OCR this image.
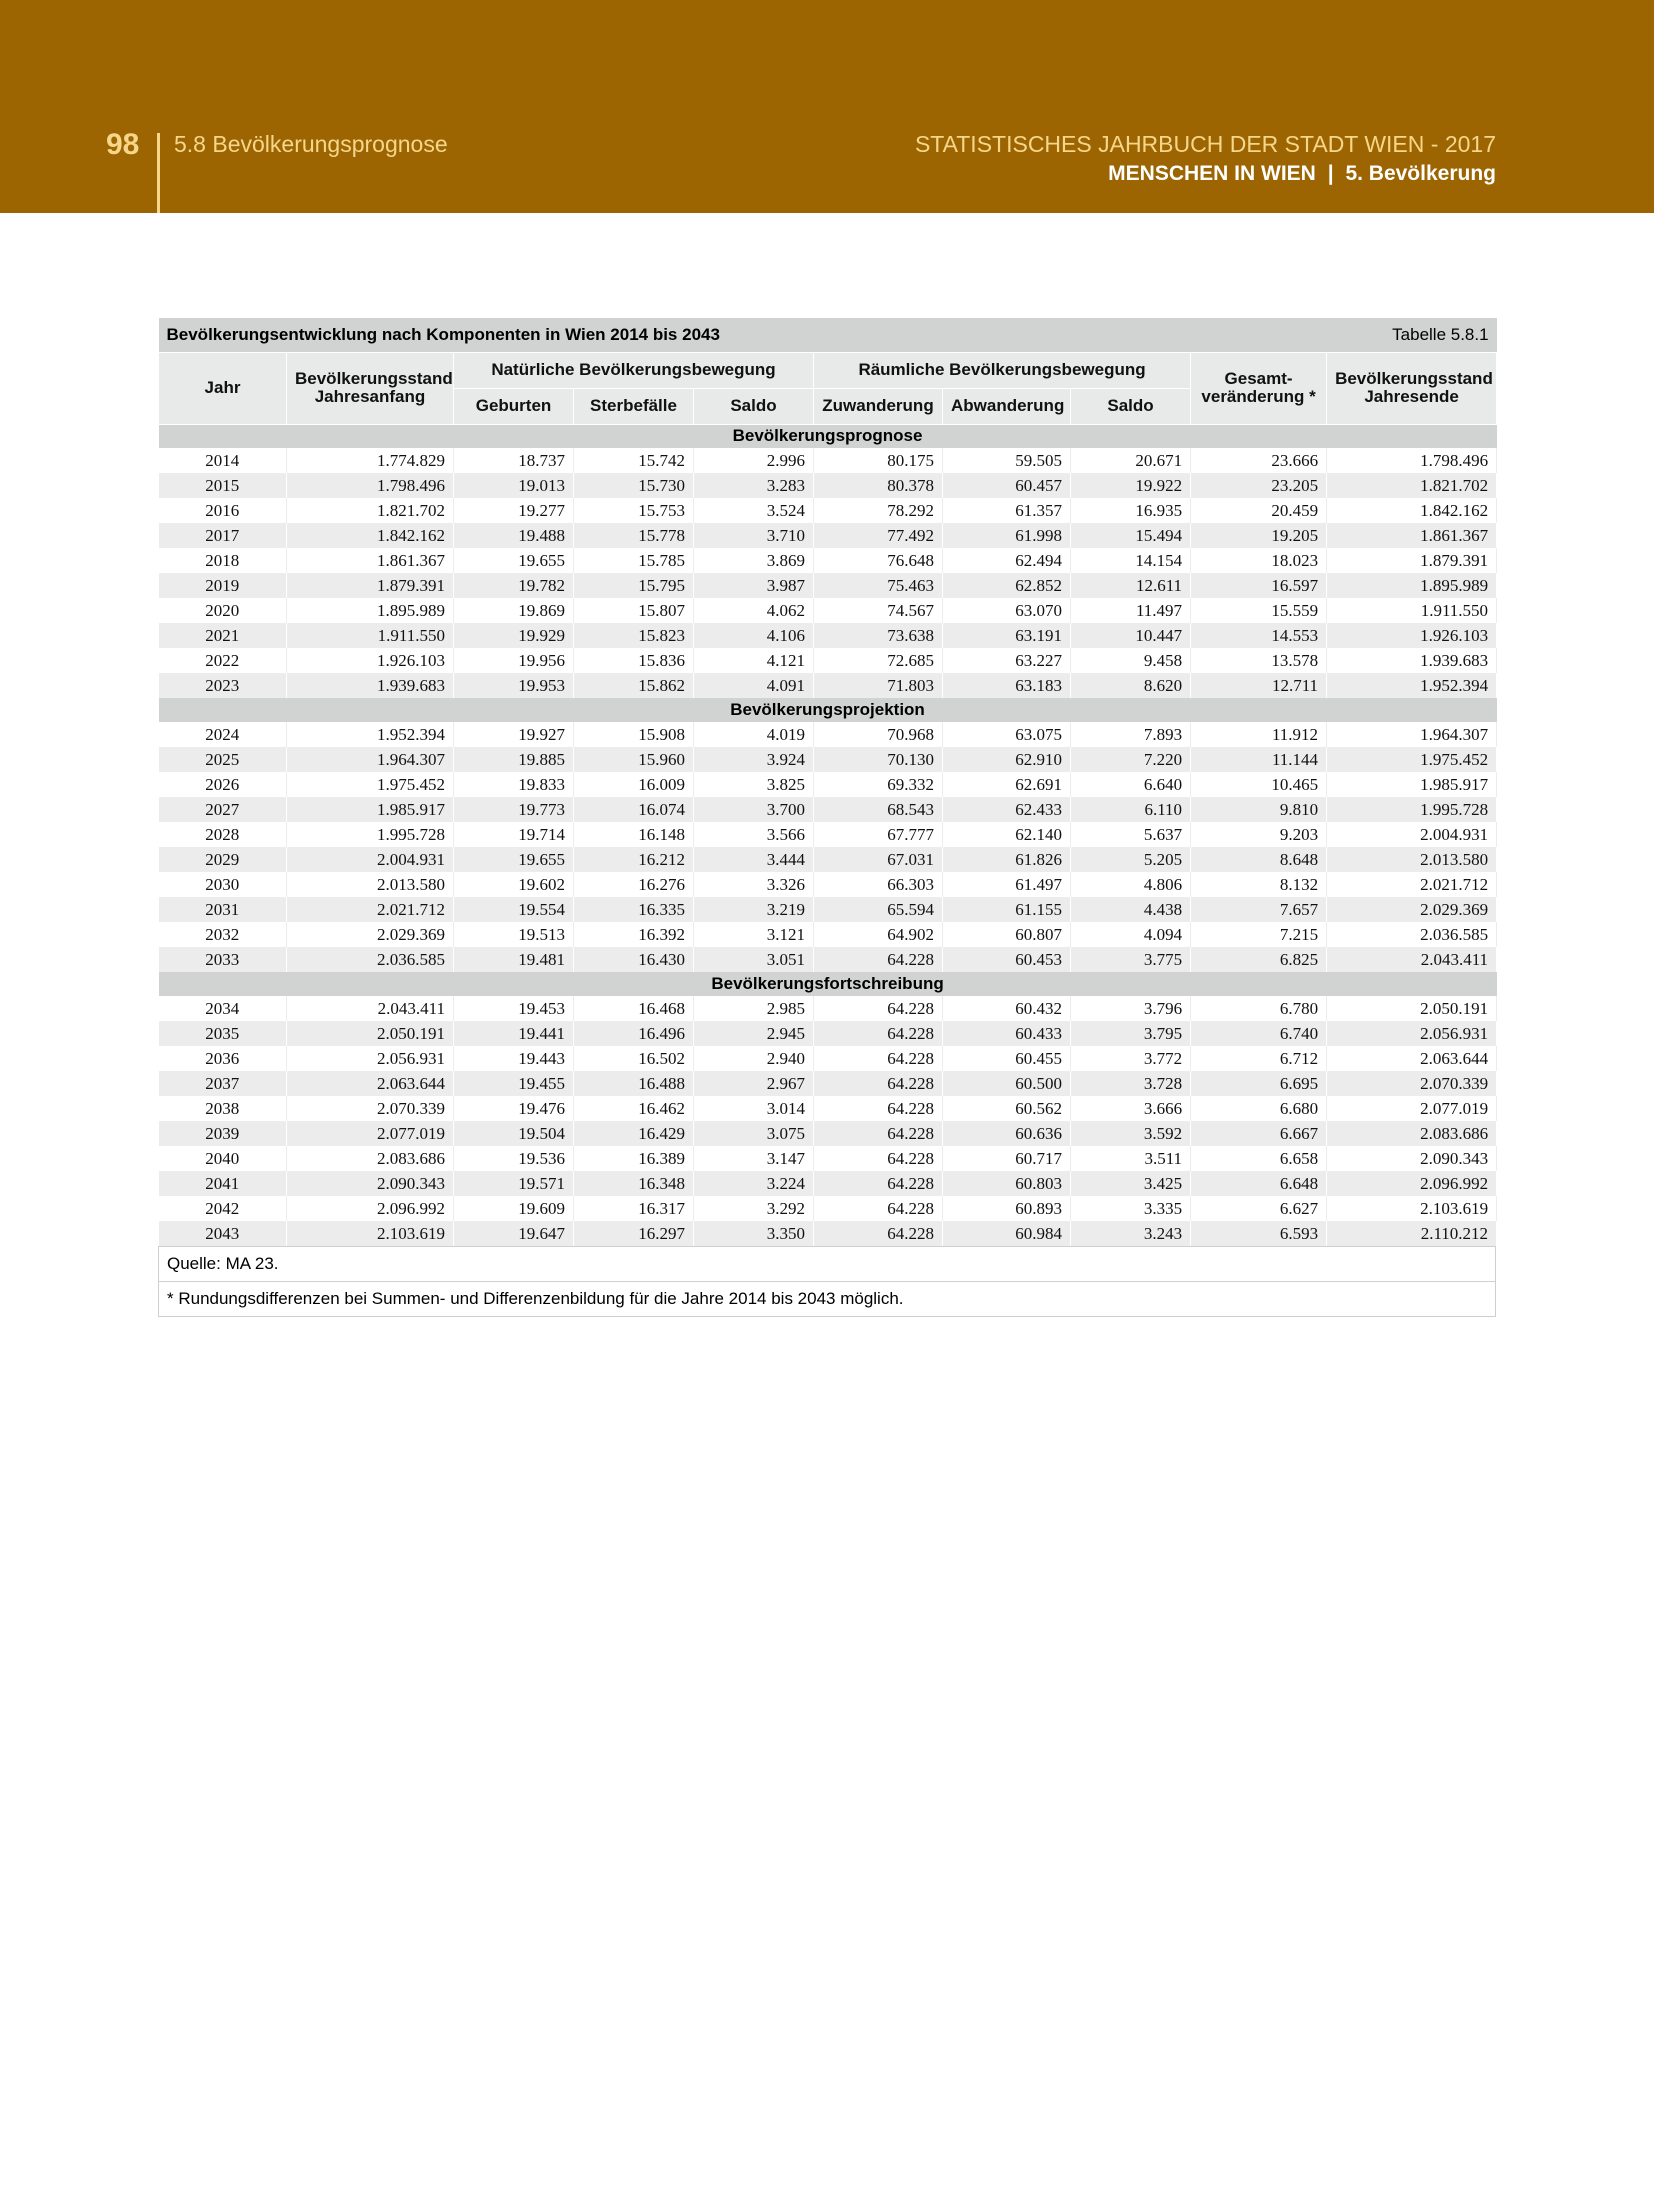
98 5.8 Bevölkerungsprognose	STATISTISCHES JAHRBUCH DER STADT WIEN - 2017
MENSCHEN IN WIEN | 5. Bevölkerung
Bevölkerungsentwicklung nach Komponenten in Wien 2014 bis 2043								Tabelle 5.8.1	
Jahr	Bevölkerungsstand Jahresanfang	Natürliche Bevölkerungsbewegung			Räumliche Bevölkerungsbewegung			Gesamt- veränderung *	Bevölkerungsstand Jahresende
		Geburten	Sterbefälle	Saldo	Zuwanderung	Abwanderung	Saldo		
Bevölkerungsprognose									
2014	1.774.829	18.737	15.742	2.996	80.175	59.505	20.671	23.666	1.798.496
2015	1.798.496	19.013	15.730	3.283	80.378	60.457	19.922	23.205	1.821.702
2016	1.821.702	19.277	15.753	3.524	78.292	61.357	16.935	20.459	1.842.162
2017	1.842.162	19.488	15.778	3.710	77.492	61.998	15.494	19.205	1.861.367
2018	1.861.367	19.655	15.785	3.869	76.648	62.494	14.154	18.023	1.879.391
2019	1.879.391	19.782	15.795	3.987	75.463	62.852	12.611	16.597	1.895.989
2020	1.895.989	19.869	15.807	4.062	74.567	63.070	11.497	15.559	1.911.550
2021	1.911.550	19.929	15.823	4.106	73.638	63.191	10.447	14.553	1.926.103
2022	1.926.103	19.956	15.836	4.121	72.685	63.227	9.458	13.578	1.939.683
2023	1.939.683	19.953	15.862	4.091	71.803	63.183	8.620	12.711	1.952.394
Bevölkerungsprojektion									
2024	1.952.394	19.927	15.908	4.019	70.968	63.075	7.893	11.912	1.964.307
2025	1.964.307	19.885	15.960	3.924	70.130	62.910	7.220	11.144	1.975.452
2026	1.975.452	19.833	16.009	3.825	69.332	62.691	6.640	10.465	1.985.917
2027	1.985.917	19.773	16.074	3.700	68.543	62.433	6.110	9.810	1.995.728
2028	1.995.728	19.714	16.148	3.566	67.777	62.140	5.637	9.203	2.004.931
2029	2.004.931	19.655	16.212	3.444	67.031	61.826	5.205	8.648	2.013.580
2030	2.013.580	19.602	16.276	3.326	66.303	61.497	4.806	8.132	2.021.712
2031	2.021.712	19.554	16.335	3.219	65.594	61.155	4.438	7.657	2.029.369
2032	2.029.369	19.513	16.392	3.121	64.902	60.807	4.094	7.215	2.036.585
2033	2.036.585	19.481	16.430	3.051	64.228	60.453	3.775	6.825	2.043.411
Bevölkerungsfortschreibung									
2034	2.043.411	19.453	16.468	2.985	64.228	60.432	3.796	6.780	2.050.191
2035	2.050.191	19.441	16.496	2.945	64.228	60.433	3.795	6.740	2.056.931
2036	2.056.931	19.443	16.502	2.940	64.228	60.455	3.772	6.712	2.063.644
2037	2.063.644	19.455	16.488	2.967	64.228	60.500	3.728	6.695	2.070.339
2038	2.070.339	19.476	16.462	3.014	64.228	60.562	3.666	6.680	2.077.019
2039	2.077.019	19.504	16.429	3.075	64.228	60.636	3.592	6.667	2.083.686
2040	2.083.686	19.536	16.389	3.147	64.228	60.717	3.511	6.658	2.090.343
2041	2.090.343	19.571	16.348	3.224	64.228	60.803	3.425	6.648	2.096.992
2042	2.096.992	19.609	16.317	3.292	64.228	60.893	3.335	6.627	2.103.619
2043	2.103.619	19.647	16.297	3.350	64.228	60.984	3.243	6.593	2.110.212
Quelle: MA 23.
* Rundungsdifferenzen bei Summen- und Differenzenbildung für die Jahre 2014 bis 2043 möglich.
